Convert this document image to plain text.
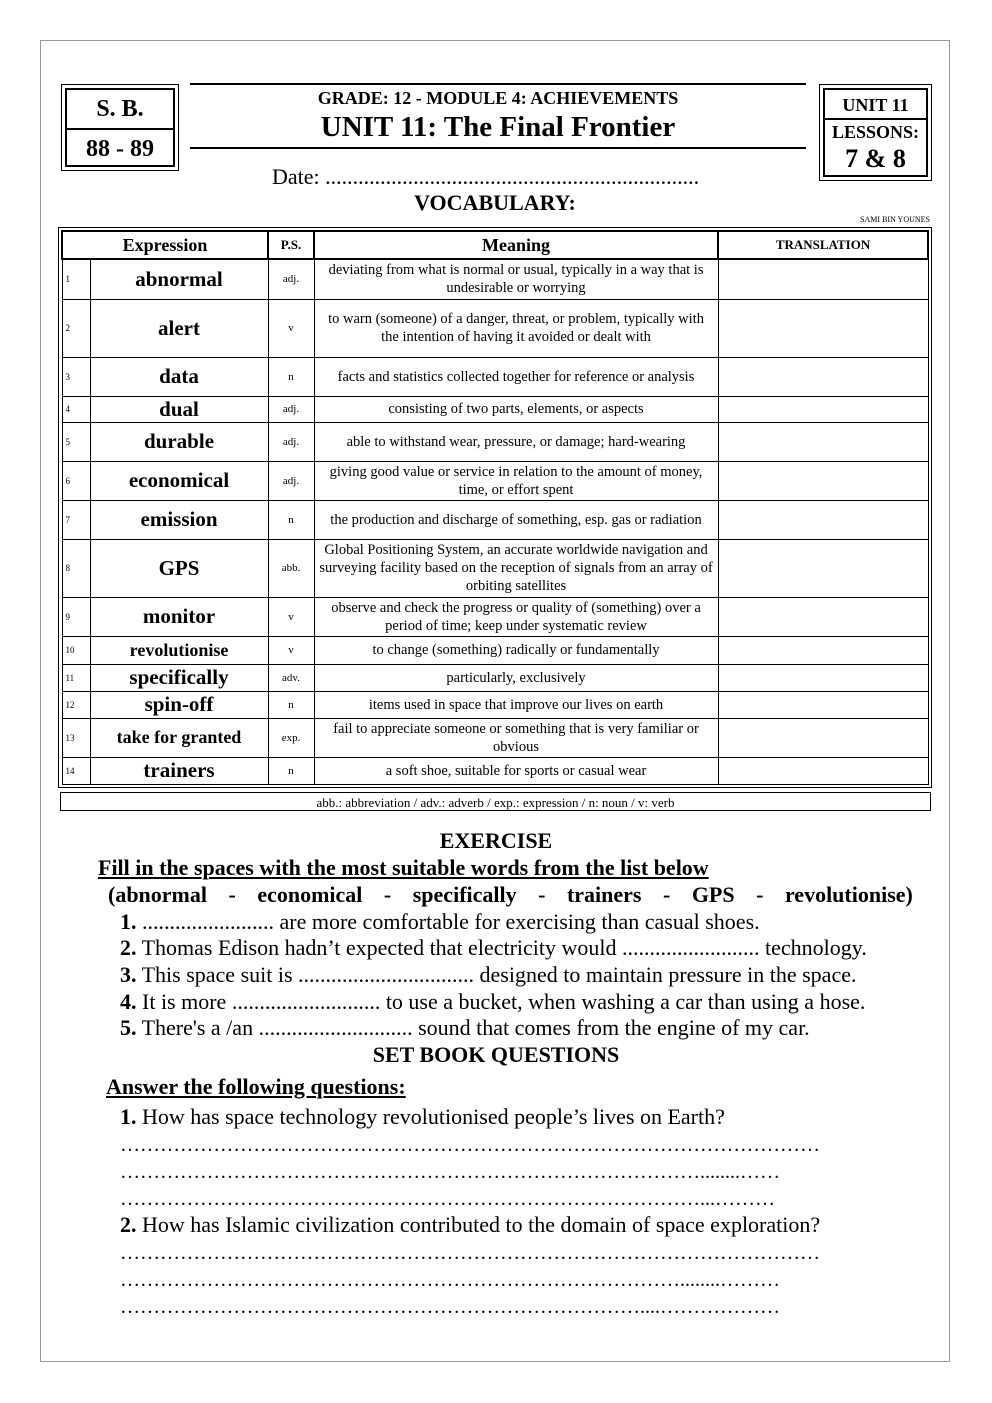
S. B.
88 - 89
GRADE: 12 - MODULE 4: ACHIEVEMENTS
UNIT 11: The Final Frontier
Date: ....................................................................
VOCABULARY:
SAMI BIN YOUNES
UNIT 11
LESSONS:
7 & 8
Expression		P.S.	Meaning	TRANSLATION
1	abnormal	adj.	deviating from what is normal or usual, typically in a way that is undesirable or worrying	
2	alert	v	to warn (someone) of a danger, threat, or problem, typically with the intention of having it avoided or dealt with	
3	data	n	facts and statistics collected together for reference or analysis	
4	dual	adj.	consisting of two parts, elements, or aspects	
5	durable	adj.	able to withstand wear, pressure, or damage; hard-wearing	
6	economical	adj.	giving good value or service in relation to the amount of money, time, or effort spent	
7	emission	n	the production and discharge of something, esp. gas or radiation	
8	GPS	abb.	Global Positioning System, an accurate worldwide navigation and surveying facility based on the reception of signals from an array of orbiting satellites	
9	monitor	v	observe and check the progress or quality of (something) over a period of time; keep under systematic review	
10	revolutionise	v	to change (something) radically or fundamentally	
11	specifically	adv.	particularly, exclusively	
12	spin-off	n	items used in space that improve our lives on earth	
13	take for granted	exp.	fail to appreciate someone or something that is very familiar or obvious	
14	trainers	n	a soft shoe, suitable for sports or casual wear	
abb.: abbreviation / adv.: adverb / exp.: expression / n: noun / v: verb
EXERCISE
Fill in the spaces with the most suitable words from the list below
(abnormal - economical - specifically - trainers - GPS - revolutionise)
1. ........................ are more comfortable for exercising than casual shoes.
2. Thomas Edison hadn’t expected that electricity would ......................... technology.
3. This space suit is ................................ designed to maintain pressure in the space.
4. It is more ........................... to use a bucket, when washing a car than using a hose.
5. There's a /an ............................ sound that comes from the engine of my car.
SET BOOK QUESTIONS
Answer the following questions:
1. How has space technology revolutionised people’s lives on Earth?
……………………………………………………………………………………………
……………………………………………………………………………........……
……………………………………………………………………………...………
2. How has Islamic civilization contributed to the domain of space exploration?
……………………………………………………………………………………………
…………………………………………………………………………........………
……………………………………………………………………....………………
